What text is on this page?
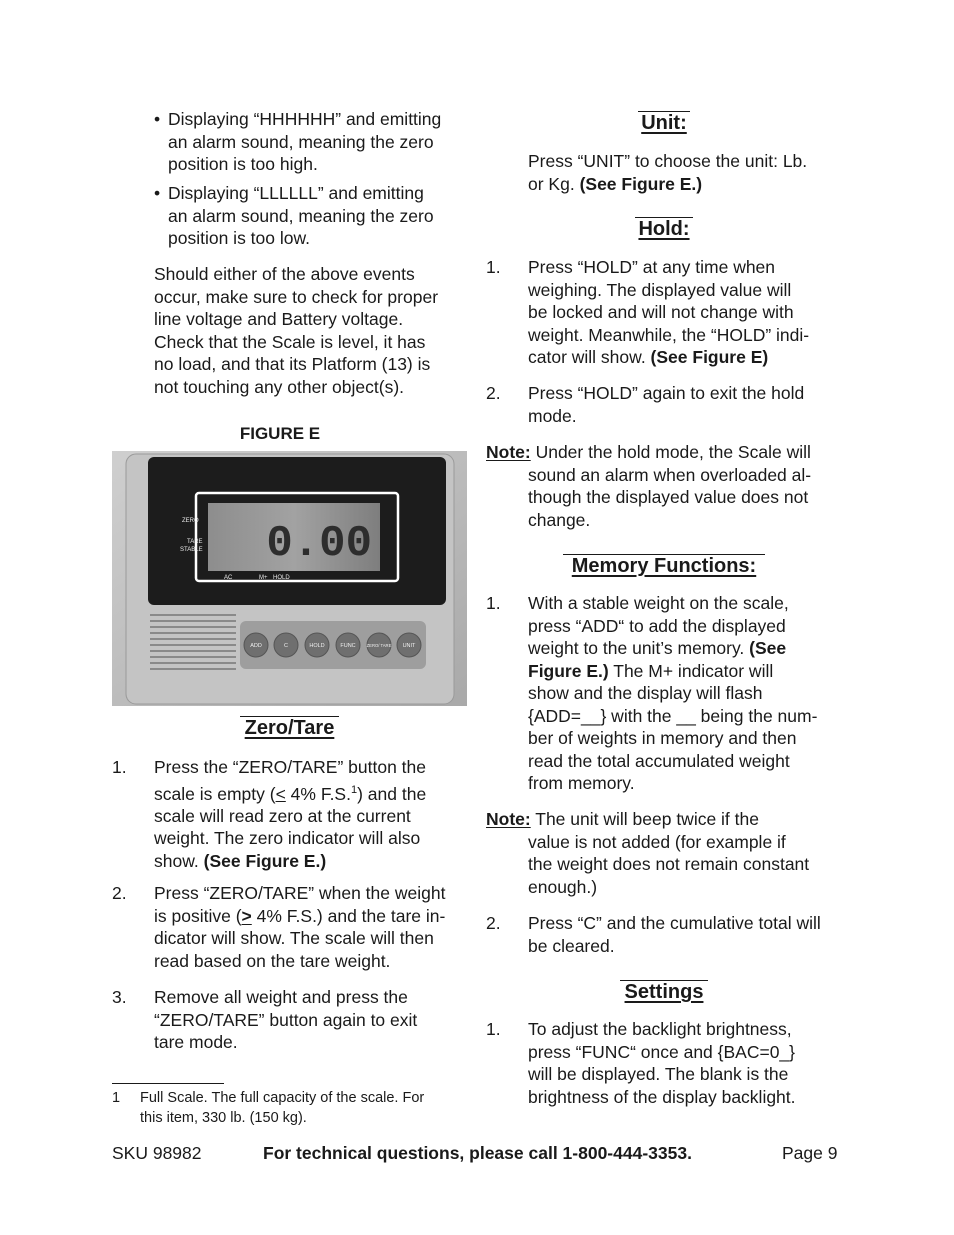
• Displaying “HHHHHH” and emitting
an alarm sound, meaning the zero
position is too high.
• Displaying “LLLLLL” and emitting
an alarm sound, meaning the zero
position is too low.
Should either of the above events
occur, make sure to check for proper
line voltage and Battery voltage.
Check that the Scale is level, it has
no load, and that its Platform (13) is
not touching any other object(s).
FIGURE E
0.00
ZERO
TARE
STABLE
AC	M+ HOLD
ADD	C	HOLD	FUNC	ZERO/ TARE UNIT
Zero/Tare
1. Press the “ZERO/TARE” button the
scale is empty (< 4% F.S.$^1$) and the
scale will read zero at the current
weight. The zero indicator will also
show. (See Figure E.)
2. Press “ZERO/TARE” when the weight
is positive (> 4% F.S.) and the tare in-
dicator will show. The scale will then
read based on the tare weight.
3. Remove all weight and press the
“ZERO/TARE” button again to exit
tare mode.
1 Full Scale. The full capacity of the scale. For
this item, 330 lb. (150 kg).
Unit:
Press “UNIT” to choose the unit: Lb.
or Kg. (See Figure E.)
Hold:
1. Press “HOLD” at any time when
weighing. The displayed value will
be locked and will not change with
weight. Meanwhile, the “HOLD” indi-
cator will show. (See Figure E)
2. Press “HOLD” again to exit the hold
mode.
Note: Under the hold mode, the Scale will
sound an alarm when overloaded al-
though the displayed value does not
change.
Memory Functions:
1. With a stable weight on the scale,
press “ADD“ to add the displayed
weight to the unit’s memory. (See
Figure E.) The M+ indicator will
show and the display will flash
{ADD=__} with the __ being the num-
ber of weights in memory and then
read the total accumulated weight
from memory.
Note: The unit will beep twice if the
value is not added (for example if
the weight does not remain constant
enough.)
2. Press “C” and the cumulative total will
be cleared.
Settings
1. To adjust the backlight brightness,
press “FUNC“ once and {BAC=0_}
will be displayed. The blank is the
brightness of the display backlight.
SKU 98982	For technical questions, please call 1-800-444-3353.	Page 9
